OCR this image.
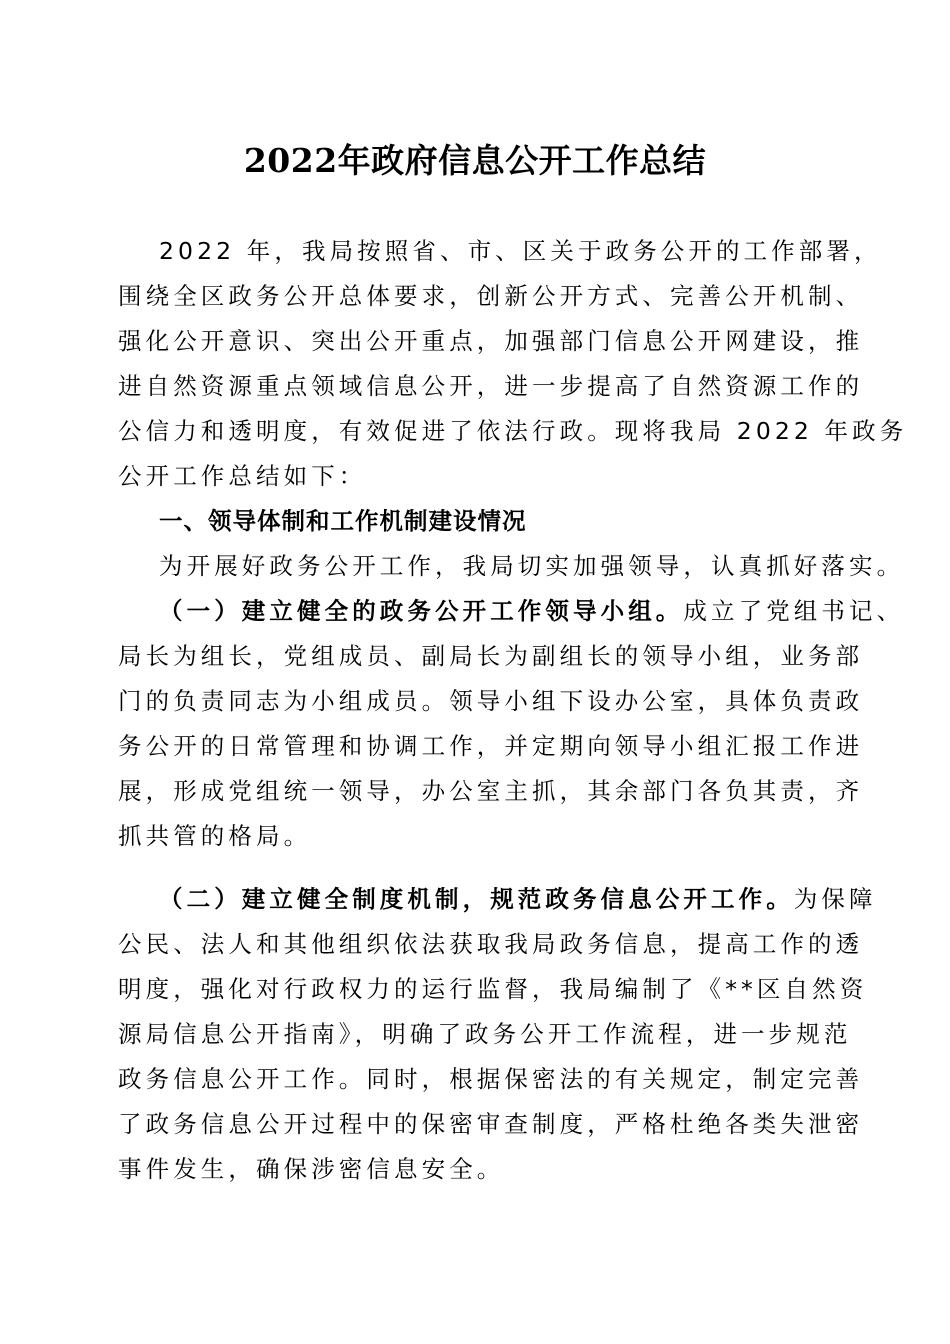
2022年政府信息公开工作总结
2022 年，我局按照省、市、区关于政务公开的工作部署，
围绕全区政务公开总体要求，创新公开方式、完善公开机制、
强化公开意识、突出公开重点，加强部门信息公开网建设，推
进自然资源重点领域信息公开，进一步提高了自然资源工作的
公信力和透明度，有效促进了依法行政。现将我局 2022 年政务
公开工作总结如下：
一、领导体制和工作机制建设情况
为开展好政务公开工作，我局切实加强领导，认真抓好落实。
（一）建立健全的政务公开工作领导小组。成立了党组书记、
局长为组长，党组成员、副局长为副组长的领导小组，业务部
门的负责同志为小组成员。领导小组下设办公室，具体负责政
务公开的日常管理和协调工作，并定期向领导小组汇报工作进
展，形成党组统一领导，办公室主抓，其余部门各负其责，齐
抓共管的格局。
（二）建立健全制度机制，规范政务信息公开工作。为保障
公民、法人和其他组织依法获取我局政务信息，提高工作的透
明度，强化对行政权力的运行监督，我局编制了《**区自然资
源局信息公开指南》，明确了政务公开工作流程，进一步规范
政务信息公开工作。同时，根据保密法的有关规定，制定完善
了政务信息公开过程中的保密审查制度，严格杜绝各类失泄密
事件发生，确保涉密信息安全。
